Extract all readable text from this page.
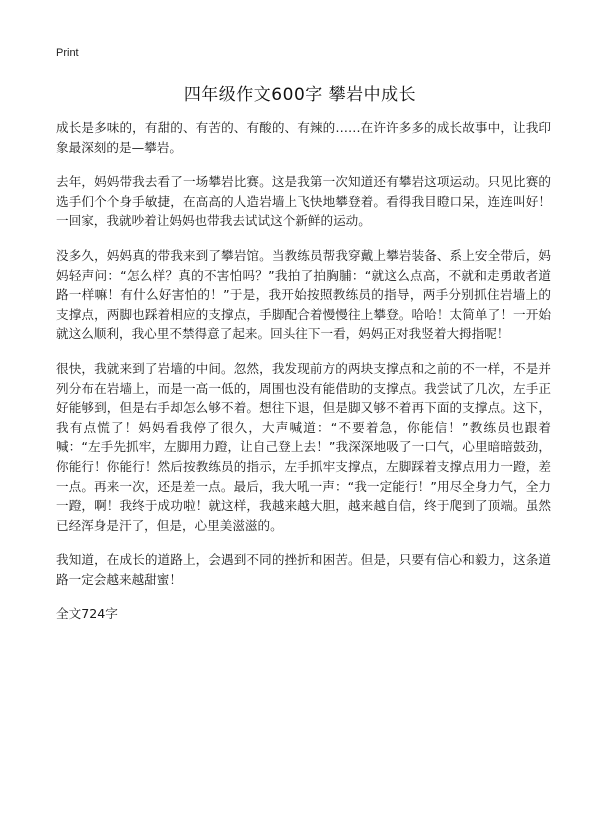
Print
四年级作文600字 攀岩中成长

成长是多味的，有甜的、有苦的、有酸的、有辣的……在许许多多的成长故事中，让我印象最深刻的是—攀岩。

去年，妈妈带我去看了一场攀岩比赛。这是我第一次知道还有攀岩这项运动。只见比赛的选手们个个身手敏捷，在高高的人造岩墙上飞快地攀登着。看得我目瞪口呆，连连叫好！一回家，我就吵着让妈妈也带我去试试这个新鲜的运动。

没多久，妈妈真的带我来到了攀岩馆。当教练员帮我穿戴上攀岩装备、系上安全带后，妈妈轻声问：“怎么样？真的不害怕吗？”我拍了拍胸脯：“就这么点高，不就和走勇敢者道路一样嘛！有什么好害怕的！”于是，我开始按照教练员的指导，两手分别抓住岩墙上的支撑点，两脚也踩着相应的支撑点，手脚配合着慢慢往上攀登。哈哈！太简单了！一开始就这么顺利，我心里不禁得意了起来。回头往下一看，妈妈正对我竖着大拇指呢！

很快，我就来到了岩墙的中间。忽然，我发现前方的两块支撑点和之前的不一样，不是并列分布在岩墙上，而是一高一低的，周围也没有能借助的支撑点。我尝试了几次，左手正好能够到，但是右手却怎么够不着。想往下退，但是脚又够不着再下面的支撑点。这下，我有点慌了！妈妈看我停了很久，大声喊道：“不要着急，你能信！”教练员也跟着喊：“左手先抓牢，左脚用力蹬，让自己登上去！”我深深地吸了一口气，心里暗暗鼓劲，你能行！你能行！然后按教练员的指示，左手抓牢支撑点，左脚踩着支撑点用力一蹬，差一点。再来一次，还是差一点。最后，我大吼一声：“我一定能行！”用尽全身力气，全力一蹬，啊！我终于成功啦！就这样，我越来越大胆，越来越自信，终于爬到了顶端。虽然已经浑身是汗了，但是，心里美滋滋的。

我知道，在成长的道路上，会遇到不同的挫折和困苦。但是，只要有信心和毅力，这条道路一定会越来越甜蜜！

全文724字
